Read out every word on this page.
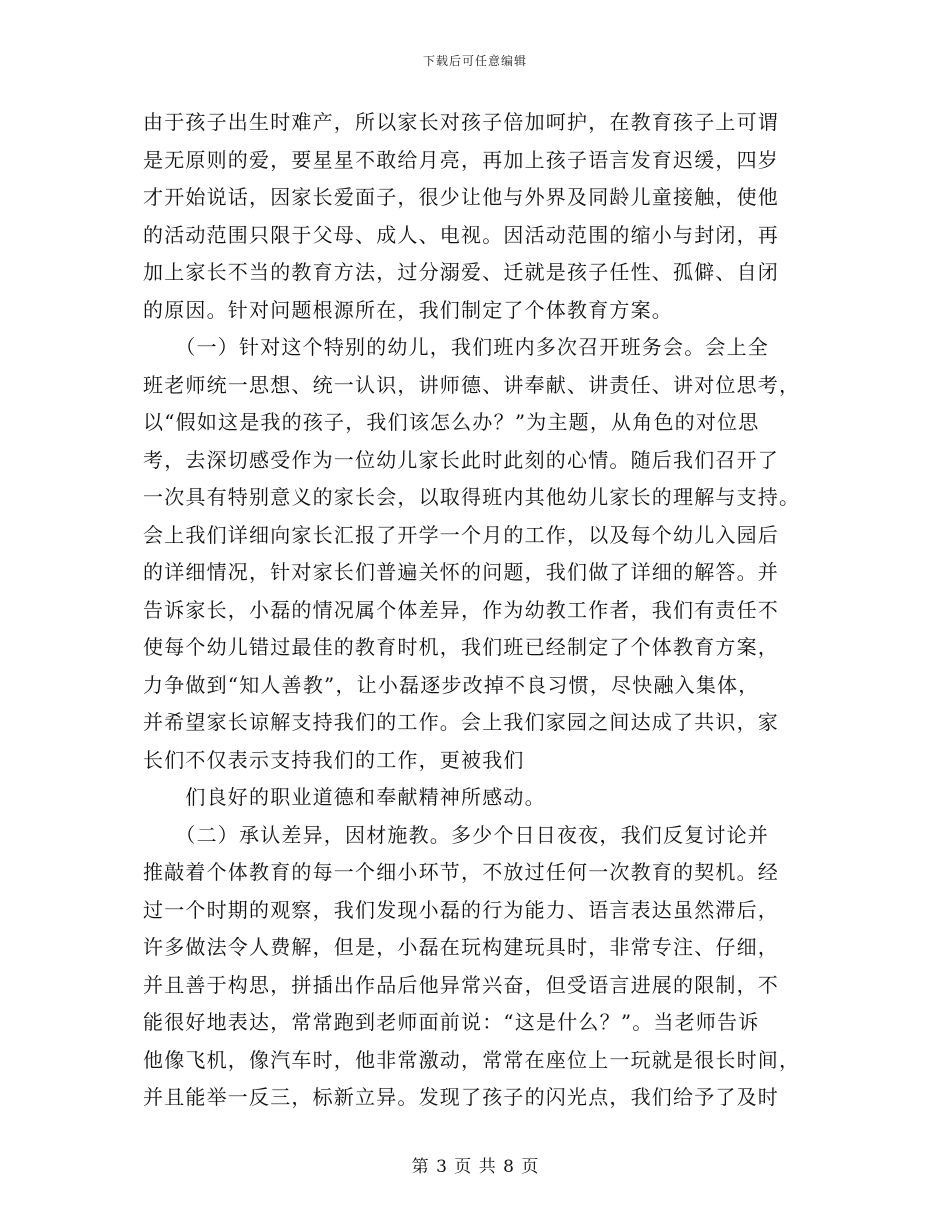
下载后可任意编辑
由于孩子出生时难产，所以家长对孩子倍加呵护，在教育孩子上可谓
是无原则的爱，要星星不敢给月亮，再加上孩子语言发育迟缓，四岁
才开始说话，因家长爱面子，很少让他与外界及同龄儿童接触，使他
的活动范围只限于父母、成人、电视。因活动范围的缩小与封闭，再
加上家长不当的教育方法，过分溺爱、迁就是孩子任性、孤僻、自闭
的原因。针对问题根源所在，我们制定了个体教育方案。
　　（一）针对这个特别的幼儿，我们班内多次召开班务会。会上全
班老师统一思想、统一认识，讲师德、讲奉献、讲责任、讲对位思考，
以“假如这是我的孩子，我们该怎么办？”为主题，从角色的对位思
考，去深切感受作为一位幼儿家长此时此刻的心情。随后我们召开了
一次具有特别意义的家长会，以取得班内其他幼儿家长的理解与支持。
会上我们详细向家长汇报了开学一个月的工作，以及每个幼儿入园后
的详细情况，针对家长们普遍关怀的问题，我们做了详细的解答。并
告诉家长，小磊的情况属个体差异，作为幼教工作者，我们有责任不
使每个幼儿错过最佳的教育时机，我们班已经制定了个体教育方案，
力争做到“知人善教”，让小磊逐步改掉不良习惯，尽快融入集体，
并希望家长谅解支持我们的工作。会上我们家园之间达成了共识，家
长们不仅表示支持我们的工作，更被我们
　　们良好的职业道德和奉献精神所感动。
　　（二）承认差异，因材施教。多少个日日夜夜，我们反复讨论并
推敲着个体教育的每一个细小环节，不放过任何一次教育的契机。经
过一个时期的观察，我们发现小磊的行为能力、语言表达虽然滞后，
许多做法令人费解，但是，小磊在玩构建玩具时，非常专注、仔细，
并且善于构思，拼插出作品后他异常兴奋，但受语言进展的限制，不
能很好地表达，常常跑到老师面前说：“这是什么？”。当老师告诉
他像飞机，像汽车时，他非常激动，常常在座位上一玩就是很长时间，
并且能举一反三，标新立异。发现了孩子的闪光点，我们给予了及时
第 3 页 共 8 页
